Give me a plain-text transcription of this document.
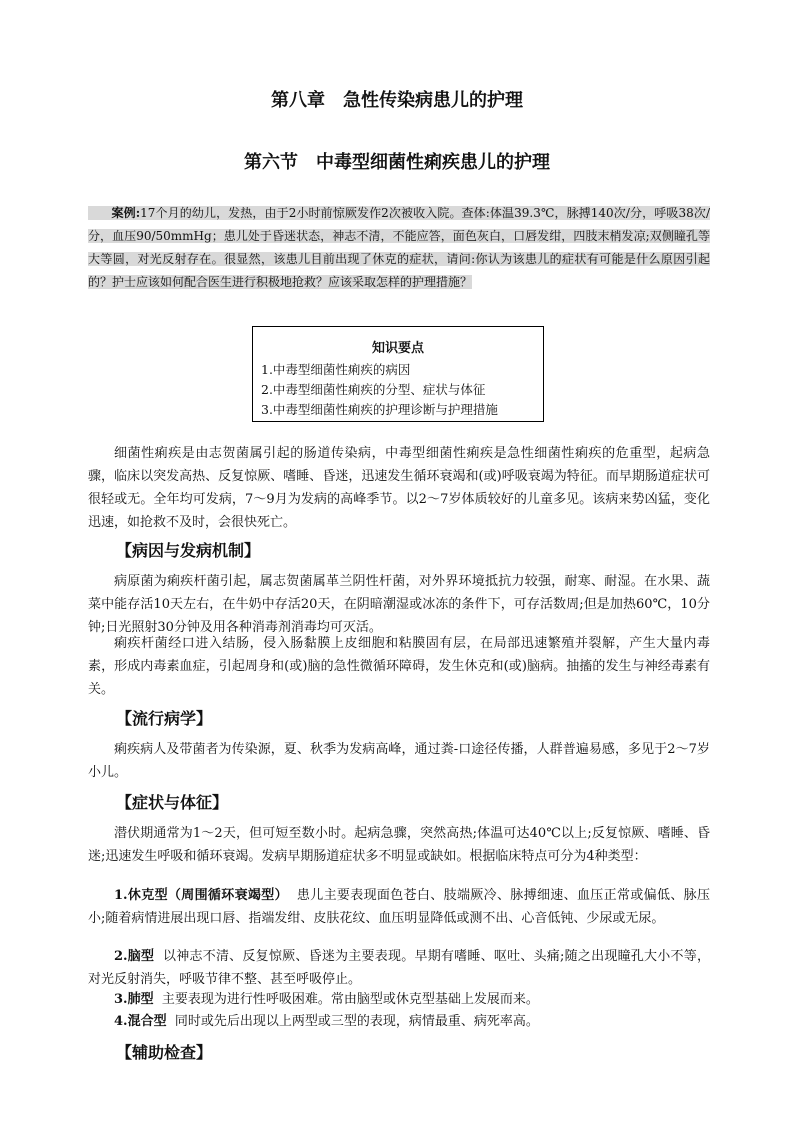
第八章　急性传染病患儿的护理
第六节　中毒型细菌性痢疾患儿的护理
案例:17个月的幼儿，发热，由于2小时前惊厥发作2次被收入院。查体:体温39.3℃，脉搏140次/分，呼吸38次/分，血压90/50mmHg；患儿处于昏迷状态，神志不清，不能应答，面色灰白，口唇发绀，四肢末梢发凉;双侧瞳孔等大等圆，对光反射存在。很显然，该患儿目前出现了休克的症状，请问:你认为该患儿的症状有可能是什么原因引起的？护士应该如何配合医生进行积极地抢救？应该采取怎样的护理措施？
知识要点
1.中毒型细菌性痢疾的病因
2.中毒型细菌性痢疾的分型、症状与体征
3.中毒型细菌性痢疾的护理诊断与护理措施

细菌性痢疾是由志贺菌属引起的肠道传染病，中毒型细菌性痢疾是急性细菌性痢疾的危重型，起病急骤，临床以突发高热、反复惊厥、嗜睡、昏迷，迅速发生循环衰竭和(或)呼吸衰竭为特征。而早期肠道症状可很轻或无。全年均可发病，7～9月为发病的高峰季节。以2～7岁体质较好的儿童多见。该病来势凶猛，变化迅速，如抢救不及时，会很快死亡。

【病因与发病机制】

病原菌为痢疾杆菌引起，属志贺菌属革兰阴性杆菌，对外界环境抵抗力较强，耐寒、耐湿。在水果、蔬菜中能存活10天左右，在牛奶中存活20天，在阴暗潮湿或冰冻的条件下，可存活数周;但是加热60℃，10分钟;日光照射30分钟及用各种消毒剂消毒均可灭活。

痢疾杆菌经口进入结肠，侵入肠黏膜上皮细胞和粘膜固有层，在局部迅速繁殖并裂解，产生大量内毒素，形成内毒素血症，引起周身和(或)脑的急性微循环障碍，发生休克和(或)脑病。抽搐的发生与神经毒素有关。

【流行病学】

痢疾病人及带菌者为传染源，夏、秋季为发病高峰，通过粪-口途径传播，人群普遍易感，多见于2～7岁小儿。

【症状与体征】

潜伏期通常为1～2天，但可短至数小时。起病急骤，突然高热;体温可达40℃以上;反复惊厥、嗜睡、昏迷;迅速发生呼吸和循环衰竭。发病早期肠道症状多不明显或缺如。根据临床特点可分为4种类型：

1.休克型（周围循环衰竭型） 患儿主要表现面色苍白、肢端厥冷、脉搏细速、血压正常或偏低、脉压小;随着病情进展出现口唇、指端发绀、皮肤花纹、血压明显降低或测不出、心音低钝、少尿或无尿。

2.脑型 以神志不清、反复惊厥、昏迷为主要表现。早期有嗜睡、呕吐、头痛;随之出现瞳孔大小不等，对光反射消失，呼吸节律不整、甚至呼吸停止。

3.肺型 主要表现为进行性呼吸困难。常由脑型或休克型基础上发展而来。

4.混合型 同时或先后出现以上两型或三型的表现，病情最重、病死率高。

【辅助检查】
